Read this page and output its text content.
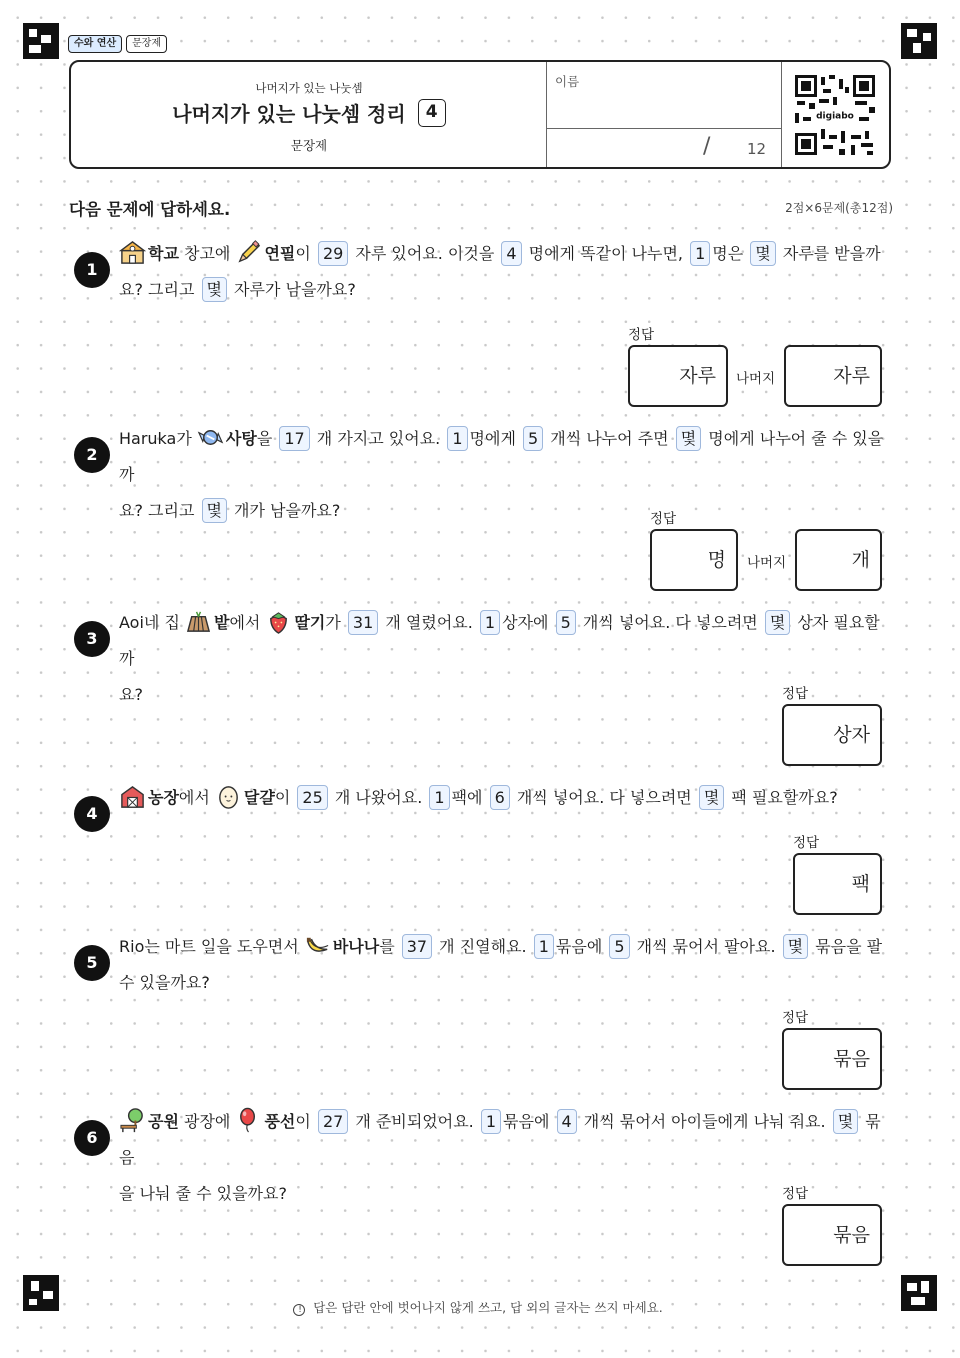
수와 연산	문장제
나머지가 있는 나눗셈
나머지가 있는 나눗셈 정리	4
문장제
이름
/ 12
digiabo
다음 문제에 답하세요.	2점×6문제(총12점)
1
학교 창고에 연필이 29 자루 있어요. 이것을 4 명에게 똑같이 나누면, 1 명은 몇 자루를 받을까
요? 그리고 몇 자루가 남을까요?
정답
자루	자루
나머지
2
Haruka가 사탕을 17 개 가지고 있어요. 1 명에게 5 개씩 나누어 주면 몇 명에게 나누어 줄 수 있을까
요? 그리고 몇 개가 남을까요?	정답
명	개
나머지
3
Aoi네 집 밭에서 딸기가 31 개 열렸어요. 1 상자에 5 개씩 넣어요. 다 넣으려면 몇 상자 필요할까
요?	정답
상자
4
농장에서 달걀이 25 개 나왔어요. 1 팩에 6 개씩 넣어요. 다 넣으려면 몇 팩 필요할까요?
정답
팩
5
Rio는 마트 일을 도우면서 바나나를 37 개 진열해요. 1 묶음에 5 개씩 묶어서 팔아요. 몇 묶음을 팔
수 있을까요?
정답
묶음
6
공원 광장에 풍선이 27 개 준비되었어요. 1 묶음에 4 개씩 묶어서 아이들에게 나눠 줘요. 몇 묶음
을 나눠 줄 수 있을까요?	정답
묶음
! 답은 답란 안에 벗어나지 않게 쓰고, 답 외의 글자는 쓰지 마세요.
